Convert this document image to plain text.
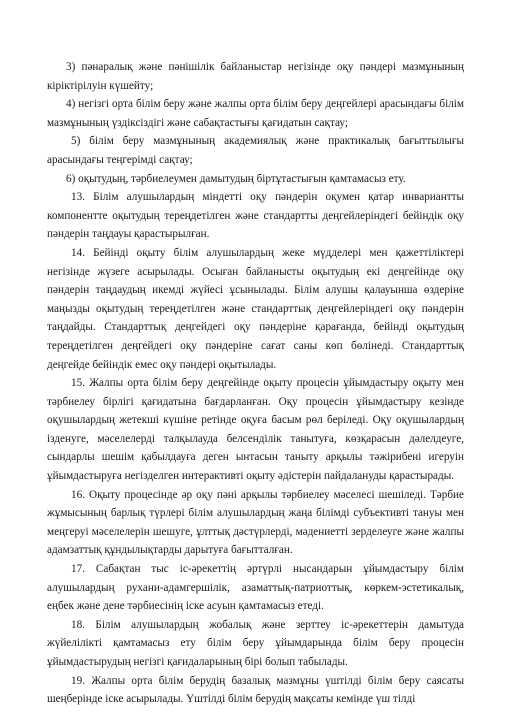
3) пәнаралық және пәнішілік байланыстар негізінде оқу пәндері мазмұнының кіріктірілуін күшейту;

4) негізгі орта білім беру және жалпы орта білім беру деңгейлері арасындағы білім мазмұнының үздіксіздігі және сабақтастығы қағидатын сақтау;

5) білім беру мазмұнының академиялық және практикалық бағыттылығы арасындағы теңгерімді сақтау;

6) оқытудың, тәрбиелеумен дамытудың біртұтастығын қамтамасыз ету.

13. Білім алушылардың міндетті оқу пәндерін оқумен қатар инвариантты компонентте оқытудың тереңдетілген және стандартты деңгейлеріндегі бейіндік оқу пәндерін таңдауы қарастырылған.

14. Бейінді оқыту білім алушылардың жеке мүдделері мен қажеттіліктері негізінде жүзеге асырылады. Осыған байланысты оқытудың екі деңгейінде оқу пәндерін таңдаудың икемді жүйесі ұсынылады. Білім алушы қалауынша өздеріне маңызды оқытудың тереңдетілген және стандарттық деңгейлеріндегі оқу пәндерін таңдайды. Стандарттық деңгейдегі оқу пәндеріне қарағанда, бейінді оқытудың тереңдетілген деңгейдегі оқу пәндеріне сағат саны көп бөлінеді. Стандарттық деңгейде бейіндік емес оқу пәндері оқытылады.

15. Жалпы орта білім беру деңгейінде оқыту процесін ұйымдастыру оқыту мен тәрбиелеу бірлігі қағидатына бағдарланған. Оқу процесін ұйымдастыру кезінде оқушылардың жетекші күшіне ретінде оқуға басым рөл беріледі. Оқу оқушылардың ізденуге, мәселелерді талқылауда белсенділік танытуға, көзқарасын дәлелдеуге, сындарлы шешім қабылдауға деген ынтасын таныту арқылы тәжірибені игеруін ұйымдастыруға негізделген интерактивті оқыту әдістерін пайдалануды қарастырады.

16. Оқыту процесінде әр оқу пәні арқылы тәрбиелеу мәселесі шешіледі. Тәрбие жұмысының барлық түрлері білім алушылардың жаңа білімді субъективті тануы мен меңгеруі мәселелерін шешуге, ұлттық дәстүрлерді, мәдениетті зерделеуге және жалпы адамзаттық құндылықтарды дарытуға бағытталған.

17. Сабақтан тыс іс-әрекеттің әртүрлі нысандарын ұйымдастыру білім алушылардың рухани-адамгершілік, азаматтық-патриоттық, көркем-эстетикалық, еңбек және дене тәрбиесінің іске асуын қамтамасыз етеді.

18. Білім алушылардың жобалық және зерттеу іс-әрекеттерін дамытуда жүйелілікті қамтамасыз ету білім беру ұйымдарында білім беру процесін ұйымдастырудың негізгі қағидаларының бірі болып табылады.

19. Жалпы орта білім берудің базалық мазмұны үштілді білім беру саясаты шеңберінде іске асырылады. Үштілді білім берудің мақсаты кемінде үш тілді
